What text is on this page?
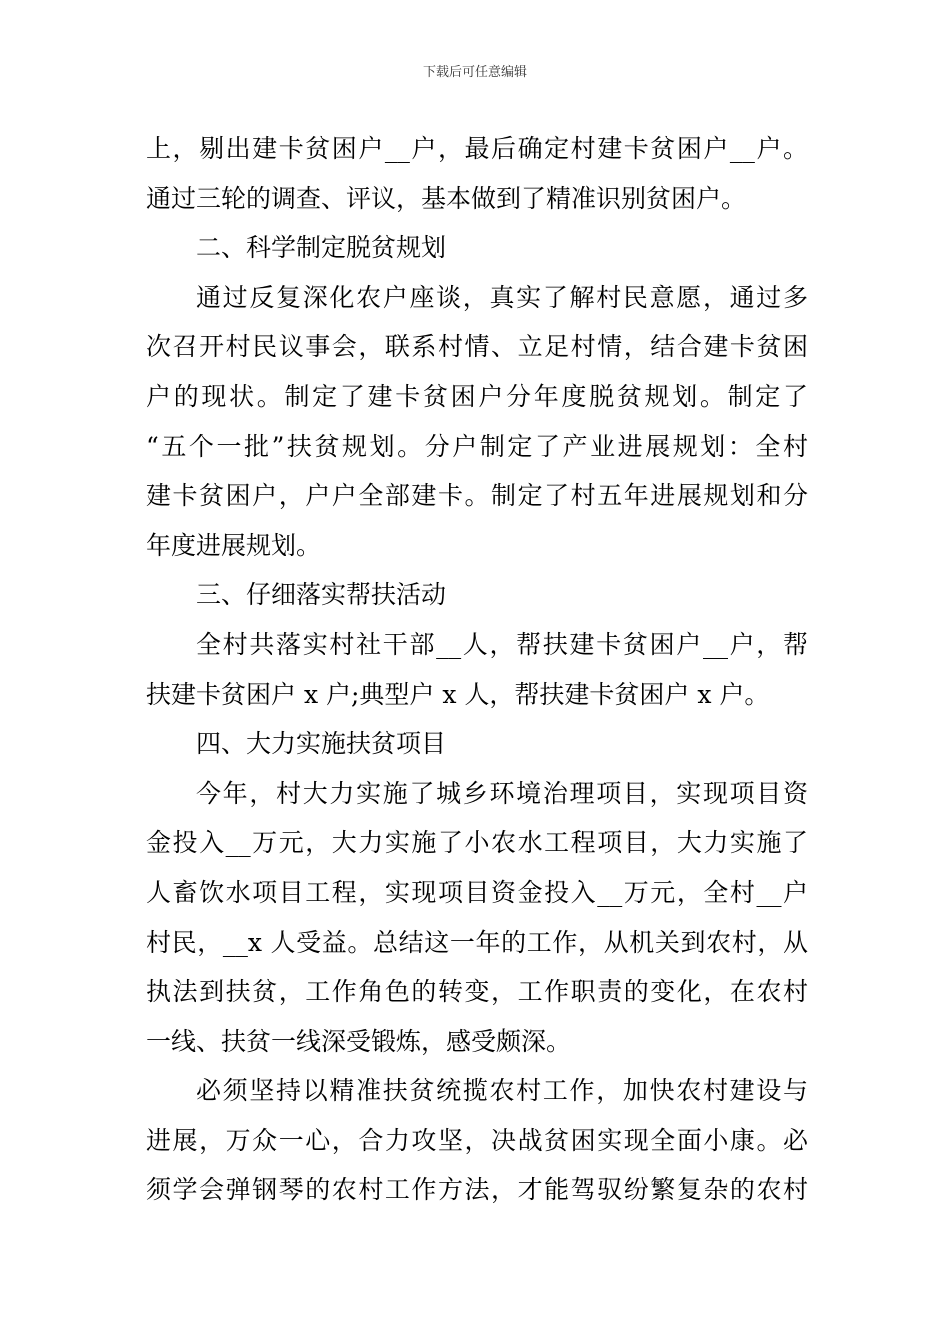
下载后可任意编辑
上，剔出建卡贫困户__户，最后确定村建卡贫困户__户。
通过三轮的调查、评议，基本做到了精准识别贫困户。
二、科学制定脱贫规划
通过反复深化农户座谈，真实了解村民意愿，通过多
次召开村民议事会，联系村情、立足村情，结合建卡贫困
户的现状。制定了建卡贫困户分年度脱贫规划。制定了
“五个一批”扶贫规划。分户制定了产业进展规划：全村
建卡贫困户，户户全部建卡。制定了村五年进展规划和分
年度进展规划。
三、仔细落实帮扶活动
全村共落实村社干部__人，帮扶建卡贫困户__户，帮
扶建卡贫困户 x 户;典型户 x 人，帮扶建卡贫困户 x 户。
四、大力实施扶贫项目
今年，村大力实施了城乡环境治理项目，实现项目资
金投入__万元，大力实施了小农水工程项目，大力实施了
人畜饮水项目工程，实现项目资金投入__万元，全村__户
村民，__x 人受益。总结这一年的工作，从机关到农村，从
执法到扶贫，工作角色的转变，工作职责的变化，在农村
一线、扶贫一线深受锻炼，感受颇深。
必须坚持以精准扶贫统揽农村工作，加快农村建设与
进展，万众一心，合力攻坚，决战贫困实现全面小康。必
须学会弹钢琴的农村工作方法，才能驾驭纷繁复杂的农村
